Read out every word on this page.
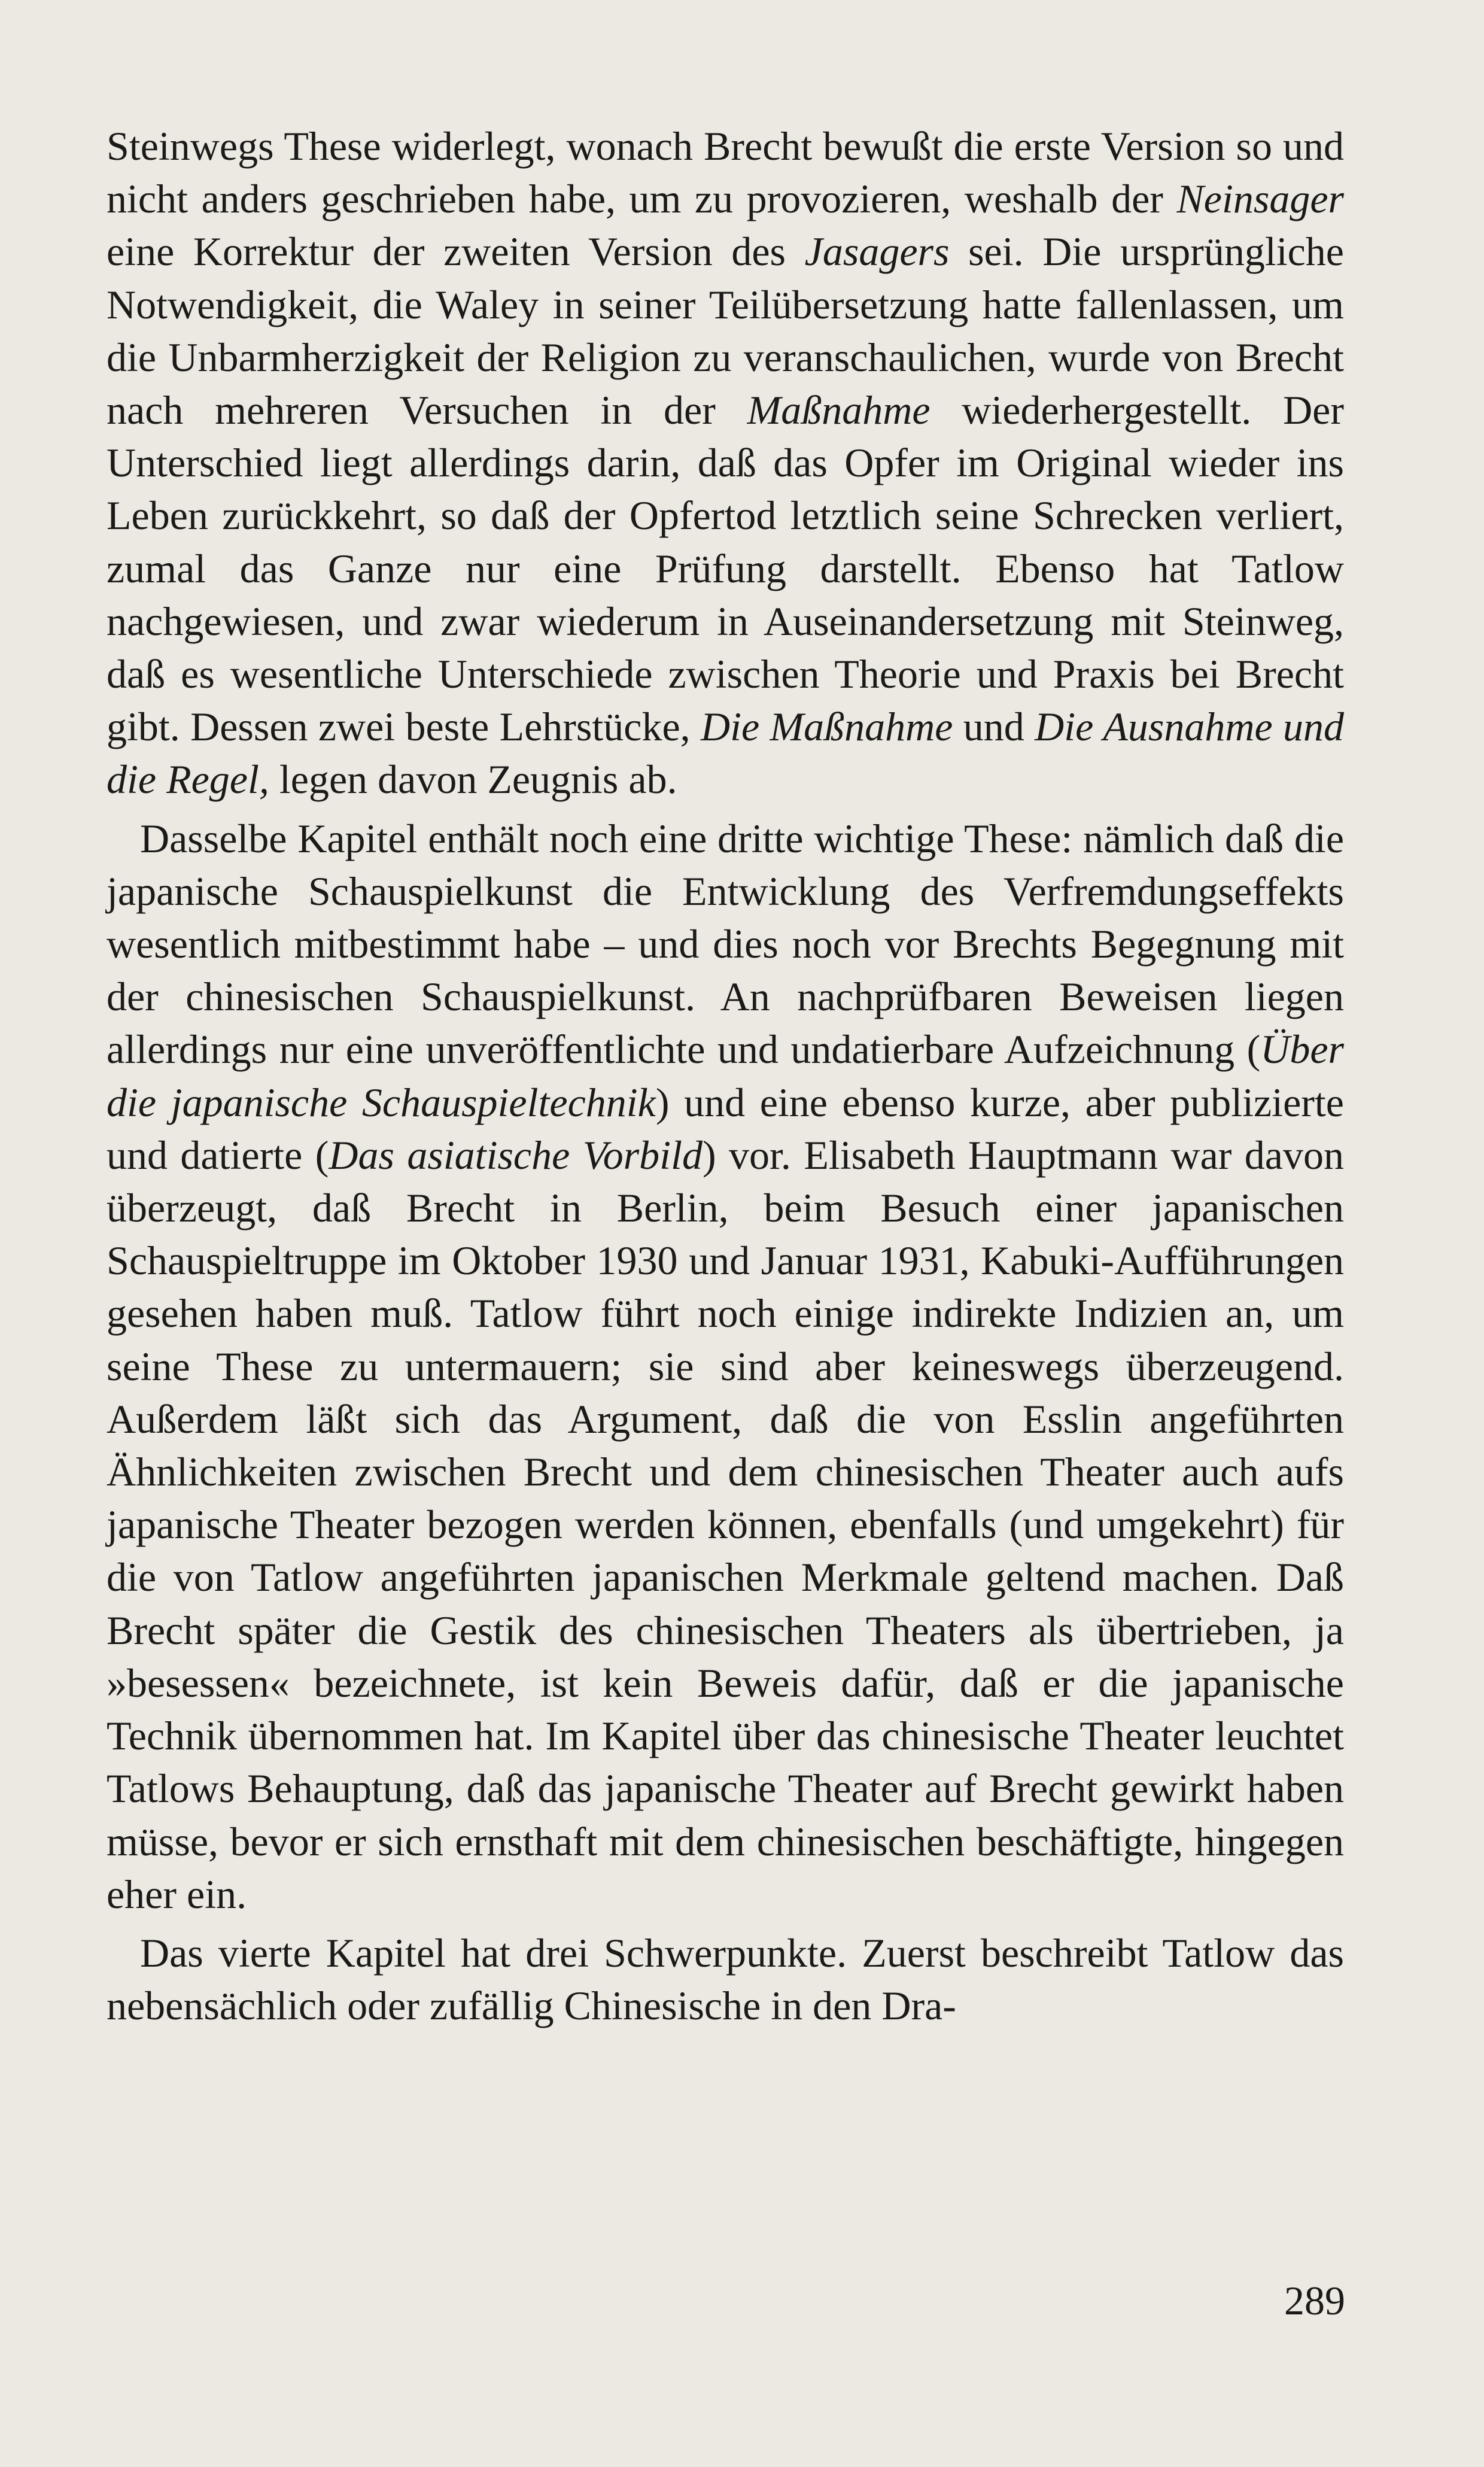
Steinwegs These widerlegt, wonach Brecht bewußt die erste Version so und nicht anders geschrieben habe, um zu provozieren, weshalb der Neinsager eine Korrektur der zweiten Version des Jasagers sei. Die ursprüngliche Notwendigkeit, die Waley in seiner Teilübersetzung hatte fallenlassen, um die Unbarmherzigkeit der Religion zu veranschaulichen, wurde von Brecht nach mehreren Versuchen in der Maßnahme wiederhergestellt. Der Unterschied liegt allerdings darin, daß das Opfer im Original wieder ins Leben zurückkehrt, so daß der Opfertod letztlich seine Schrecken verliert, zumal das Ganze nur eine Prüfung darstellt. Ebenso hat Tatlow nachgewiesen, und zwar wiederum in Auseinandersetzung mit Steinweg, daß es wesentliche Unterschiede zwischen Theorie und Praxis bei Brecht gibt. Dessen zwei beste Lehrstücke, Die Maßnahme und Die Ausnahme und die Regel, legen davon Zeugnis ab.

Dasselbe Kapitel enthält noch eine dritte wichtige These: nämlich daß die japanische Schauspielkunst die Entwicklung des Verfremdungseffekts wesentlich mitbestimmt habe – und dies noch vor Brechts Begegnung mit der chinesischen Schauspielkunst. An nachprüfbaren Beweisen liegen allerdings nur eine unveröffentlichte und undatierbare Aufzeichnung (Über die japanische Schauspieltechnik) und eine ebenso kurze, aber publizierte und datierte (Das asiatische Vorbild) vor. Elisabeth Hauptmann war davon überzeugt, daß Brecht in Berlin, beim Besuch einer japanischen Schauspieltruppe im Oktober 1930 und Januar 1931, Kabuki-Aufführungen gesehen haben muß. Tatlow führt noch einige indirekte Indizien an, um seine These zu untermauern; sie sind aber keineswegs überzeugend. Außerdem läßt sich das Argument, daß die von Esslin angeführten Ähnlichkeiten zwischen Brecht und dem chinesischen Theater auch aufs japanische Theater bezogen werden können, ebenfalls (und umgekehrt) für die von Tatlow angeführten japanischen Merkmale geltend machen. Daß Brecht später die Gestik des chinesischen Theaters als übertrieben, ja »besessen« bezeichnete, ist kein Beweis dafür, daß er die japanische Technik übernommen hat. Im Kapitel über das chinesische Theater leuchtet Tatlows Behauptung, daß das japanische Theater auf Brecht gewirkt haben müsse, bevor er sich ernsthaft mit dem chinesischen beschäftigte, hingegen eher ein.

Das vierte Kapitel hat drei Schwerpunkte. Zuerst beschreibt Tatlow das nebensächlich oder zufällig Chinesische in den Dra-

289
